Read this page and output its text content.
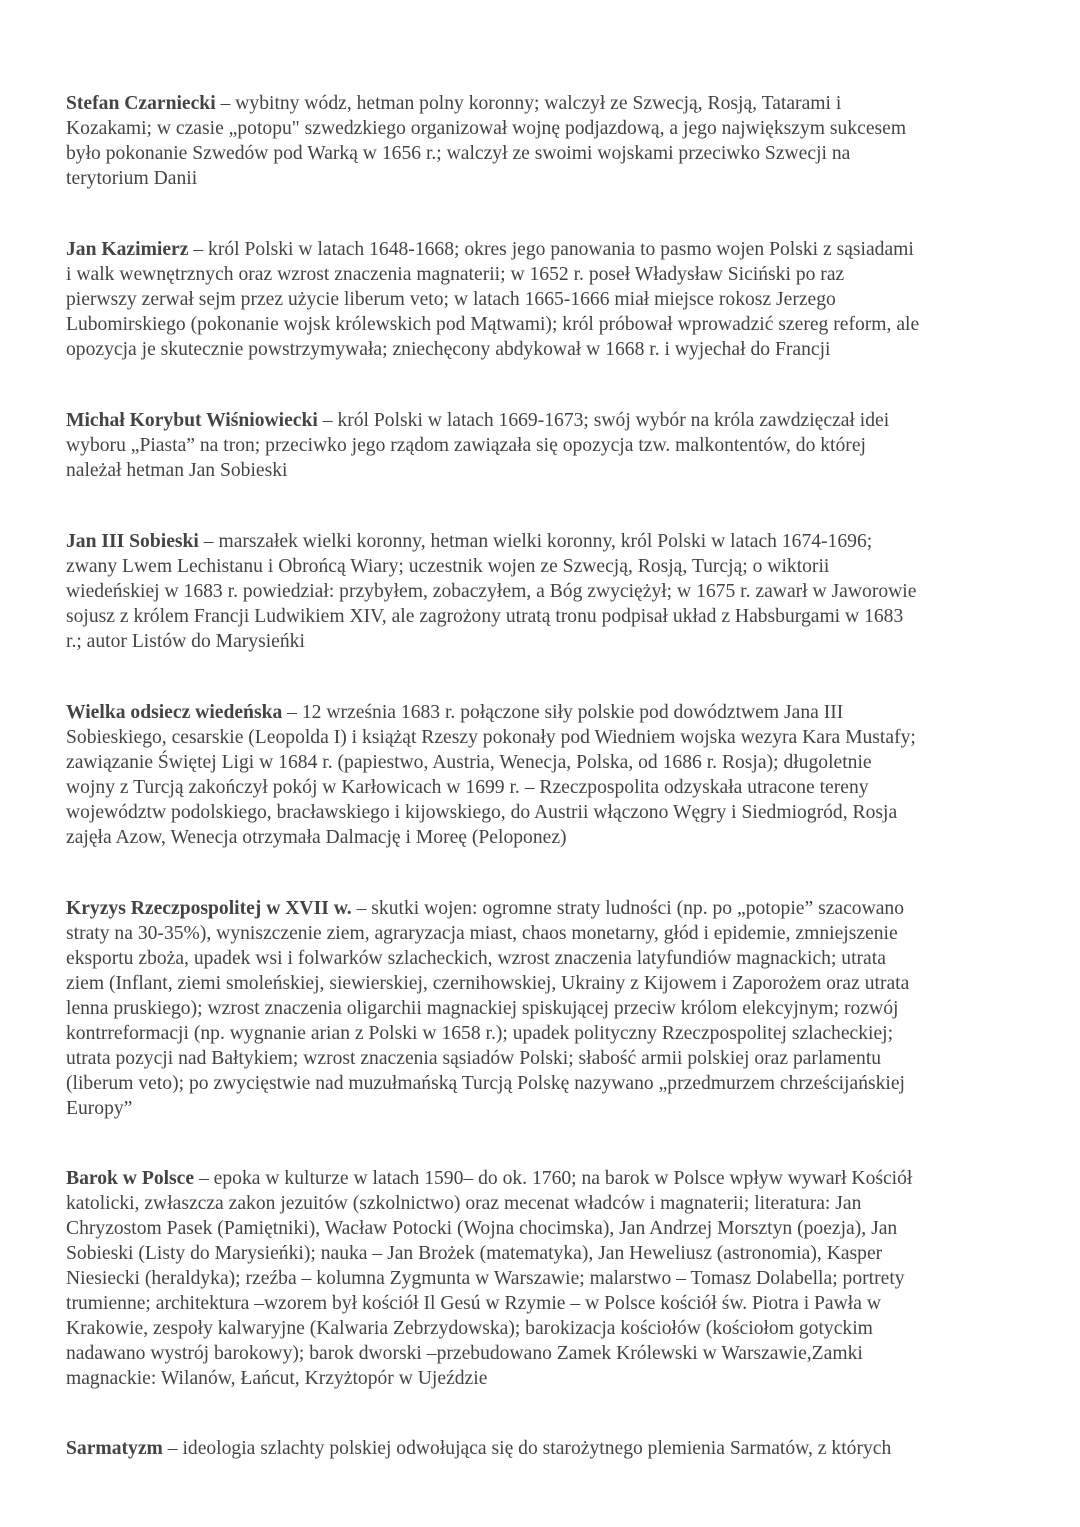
Stefan Czarniecki – wybitny wódz, hetman polny koronny; walczył ze Szwecją, Rosją, Tatarami i
Kozakami; w czasie „potopu" szwedzkiego organizował wojnę podjazdową, a jego największym sukcesem
było pokonanie Szwedów pod Warką w 1656 r.; walczył ze swoimi wojskami przeciwko Szwecji na
terytorium Danii

Jan Kazimierz – król Polski w latach 1648-1668; okres jego panowania to pasmo wojen Polski z sąsiadami
i walk wewnętrznych oraz wzrost znaczenia magnaterii; w 1652 r. poseł Władysław Siciński po raz
pierwszy zerwał sejm przez użycie liberum veto; w latach 1665-1666 miał miejsce rokosz Jerzego
Lubomirskiego (pokonanie wojsk królewskich pod Mątwami); król próbował wprowadzić szereg reform, ale
opozycja je skutecznie powstrzymywała; zniechęcony abdykował w 1668 r. i wyjechał do Francji

Michał Korybut Wiśniowiecki – król Polski w latach 1669-1673; swój wybór na króla zawdzięczał idei
wyboru „Piasta” na tron; przeciwko jego rządom zawiązała się opozycja tzw. malkontentów, do której
należał hetman Jan Sobieski

Jan III Sobieski – marszałek wielki koronny, hetman wielki koronny, król Polski w latach 1674-1696;
zwany Lwem Lechistanu i Obrońcą Wiary; uczestnik wojen ze Szwecją, Rosją, Turcją; o wiktorii
wiedeńskiej w 1683 r. powiedział: przybyłem, zobaczyłem, a Bóg zwyciężył; w 1675 r. zawarł w Jaworowie
sojusz z królem Francji Ludwikiem XIV, ale zagrożony utratą tronu podpisał układ z Habsburgami w 1683
r.; autor Listów do Marysieńki

Wielka odsiecz wiedeńska – 12 września 1683 r. połączone siły polskie pod dowództwem Jana III
Sobieskiego, cesarskie (Leopolda I) i książąt Rzeszy pokonały pod Wiedniem wojska wezyra Kara Mustafy;
zawiązanie Świętej Ligi w 1684 r. (papiestwo, Austria, Wenecja, Polska, od 1686 r. Rosja); długoletnie
wojny z Turcją zakończył pokój w Karłowicach w 1699 r. – Rzeczpospolita odzyskała utracone tereny
województw podolskiego, bracławskiego i kijowskiego, do Austrii włączono Węgry i Siedmiogród, Rosja
zajęła Azow, Wenecja otrzymała Dalmację i Moreę (Peloponez)

Kryzys Rzeczpospolitej w XVII w. – skutki wojen: ogromne straty ludności (np. po „potopie” szacowano
straty na 30-35%), wyniszczenie ziem, agraryzacja miast, chaos monetarny, głód i epidemie, zmniejszenie
eksportu zboża, upadek wsi i folwarków szlacheckich, wzrost znaczenia latyfundiów magnackich; utrata
ziem (Inflant, ziemi smoleńskiej, siewierskiej, czernihowskiej, Ukrainy z Kijowem i Zaporożem oraz utrata
lenna pruskiego); wzrost znaczenia oligarchii magnackiej spiskującej przeciw królom elekcyjnym; rozwój
kontrreformacji (np. wygnanie arian z Polski w 1658 r.); upadek polityczny Rzeczpospolitej szlacheckiej;
utrata pozycji nad Bałtykiem; wzrost znaczenia sąsiadów Polski; słabość armii polskiej oraz parlamentu
(liberum veto); po zwycięstwie nad muzułmańską Turcją Polskę nazywano „przedmurzem chrześcijańskiej
Europy”

Barok w Polsce – epoka w kulturze w latach 1590– do ok. 1760; na barok w Polsce wpływ wywarł Kościół
katolicki, zwłaszcza zakon jezuitów (szkolnictwo) oraz mecenat władców i magnaterii; literatura: Jan
Chryzostom Pasek (Pamiętniki), Wacław Potocki (Wojna chocimska), Jan Andrzej Morsztyn (poezja), Jan
Sobieski (Listy do Marysieńki); nauka – Jan Brożek (matematyka), Jan Heweliusz (astronomia), Kasper
Niesiecki (heraldyka); rzeźba – kolumna Zygmunta w Warszawie; malarstwo – Tomasz Dolabella; portrety
trumienne; architektura –wzorem był kościół Il Gesú w Rzymie – w Polsce kościół św. Piotra i Pawła w
Krakowie, zespoły kalwaryjne (Kalwaria Zebrzydowska); barokizacja kościołów (kościołom gotyckim
nadawano wystrój barokowy); barok dworski –przebudowano Zamek Królewski w Warszawie,Zamki
magnackie: Wilanów, Łańcut, Krzyżtopór w Ujeździe

Sarmatyzm – ideologia szlachty polskiej odwołująca się do starożytnego plemienia Sarmatów, z których
